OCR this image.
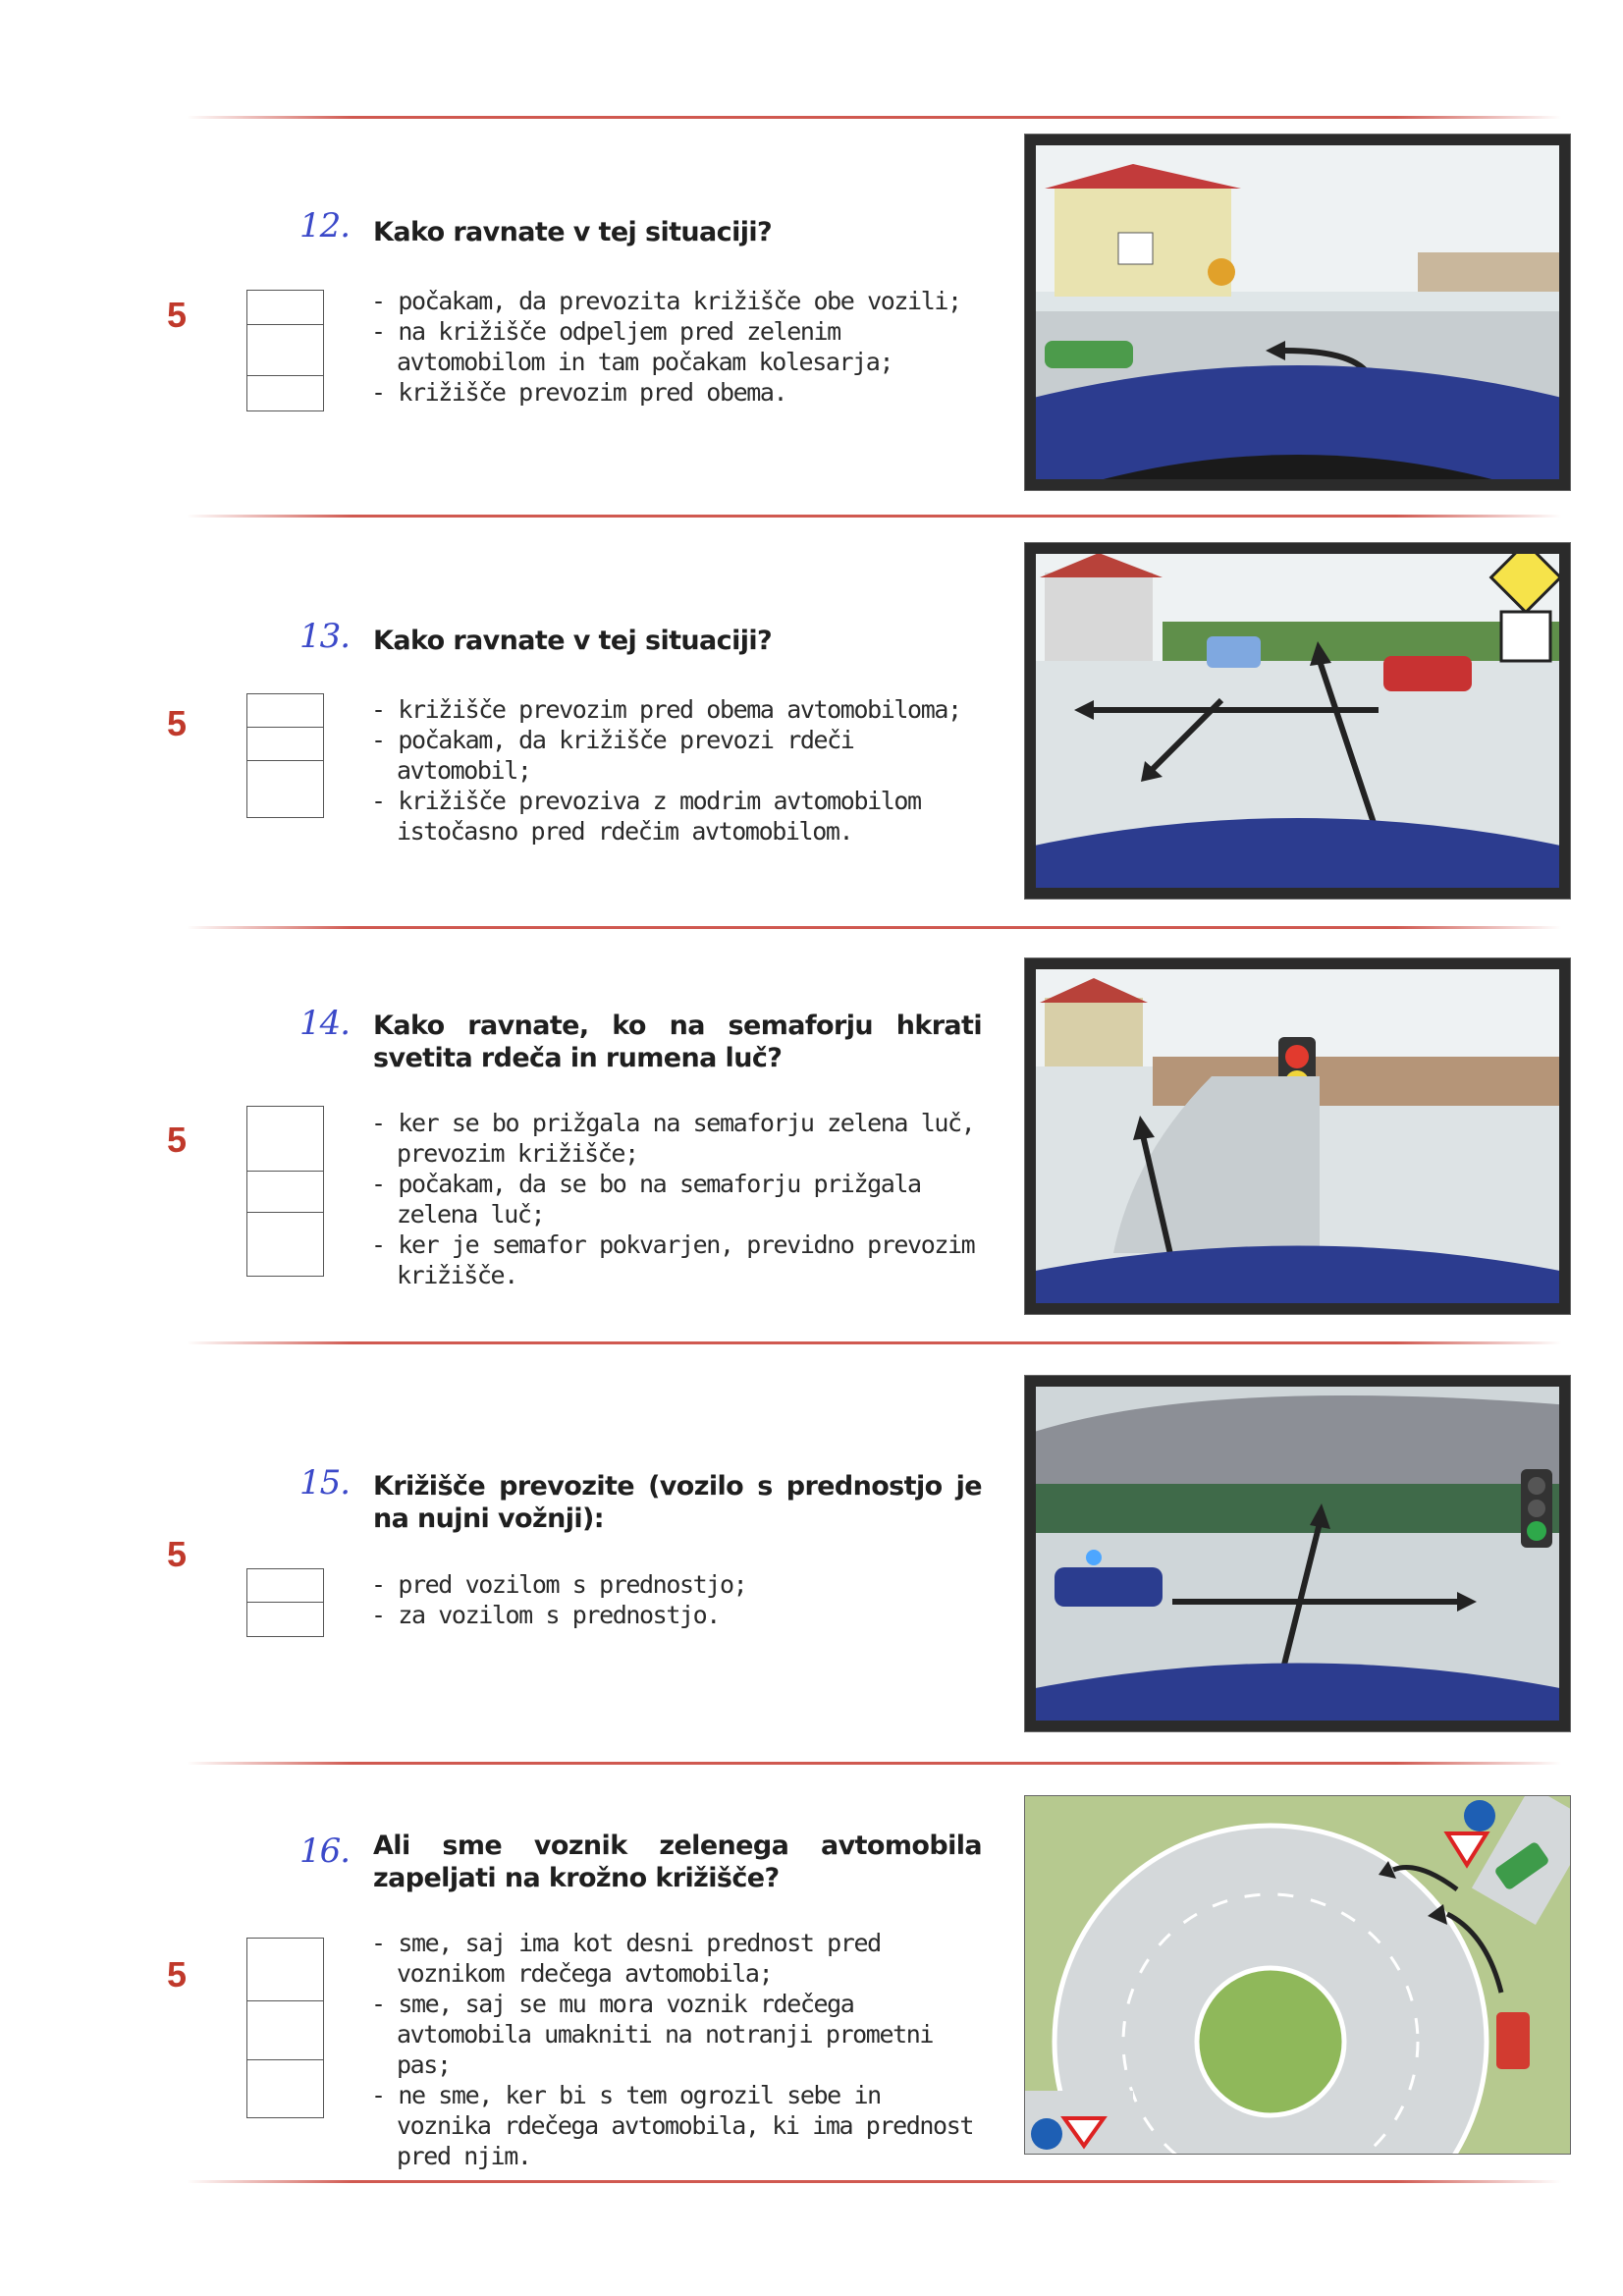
12. Kako ravnate v tej situaciji?
5	- počakam, da prevozita križišče obe vozili;
- na križišče odpeljem pred zelenim avtomobilom in tam počakam kolesarja;
- križišče prevozim pred obema.
13. Kako ravnate v tej situaciji?
5	- križišče prevozim pred obema avtomobiloma;
- počakam, da križišče prevozi rdeči avtomobil;
- križišče prevoziva z modrim avtomobilom istočasno pred rdečim avtomobilom.
14. Kako ravnate, ko na semaforju hkrati svetita rdeča in rumena luč?
5	- ker se bo prižgala na semaforju zelena luč, prevozim križišče;
- počakam, da se bo na semaforju prižgala zelena luč;
- ker je semafor pokvarjen, previdno prevozim križišče.
15. Križišče prevozite (vozilo s prednostjo je na nujni vožnji):
5
- pred vozilom s prednostjo;
- za vozilom s prednostjo.
16. Ali sme voznik zelenega avtomobila zapeljati na krožno križišče?
5
- sme, saj ima kot desni prednost pred voznikom rdečega avtomobila;
- sme, saj se mu mora voznik rdečega avtomobila umakniti na notranji prometni pas;
- ne sme, ker bi s tem ogrozil sebe in voznika rdečega avtomobila, ki ima prednost pred njim.
